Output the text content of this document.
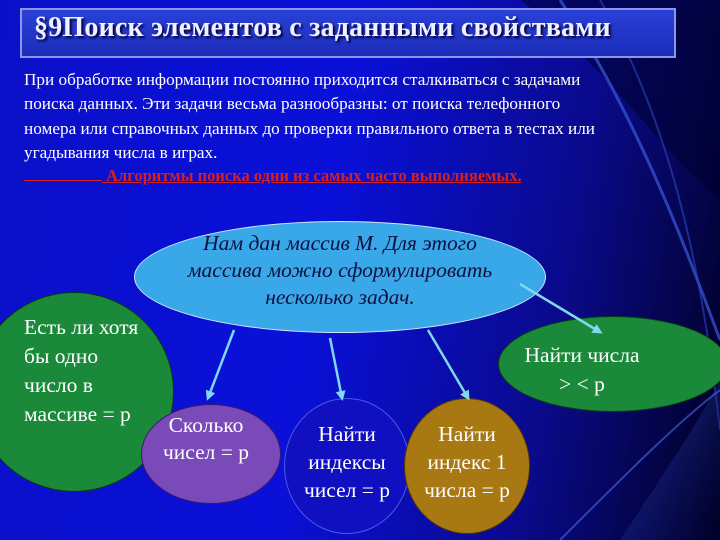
§9Поиск элементов с заданными свойствами

При обработке информации постоянно приходится сталкиваться с задачами
поиска данных. Эти задачи весьма разнообразны: от поиска телефонного
номера или справочных данных до проверки правильного ответа в тестах или
угадывания числа в играх.

Алгоритмы поиска одни из самых часто выполняемых.
Нам дан массив М. Для этого
массива можно сформулировать
несколько задач.
Есть ли хотя
бы одно
число в
массиве = р	Сколько
чисел = р
Найти
индексы
чисел = р
Найти
индекс 1
числа = р
Найти числа
> < р
